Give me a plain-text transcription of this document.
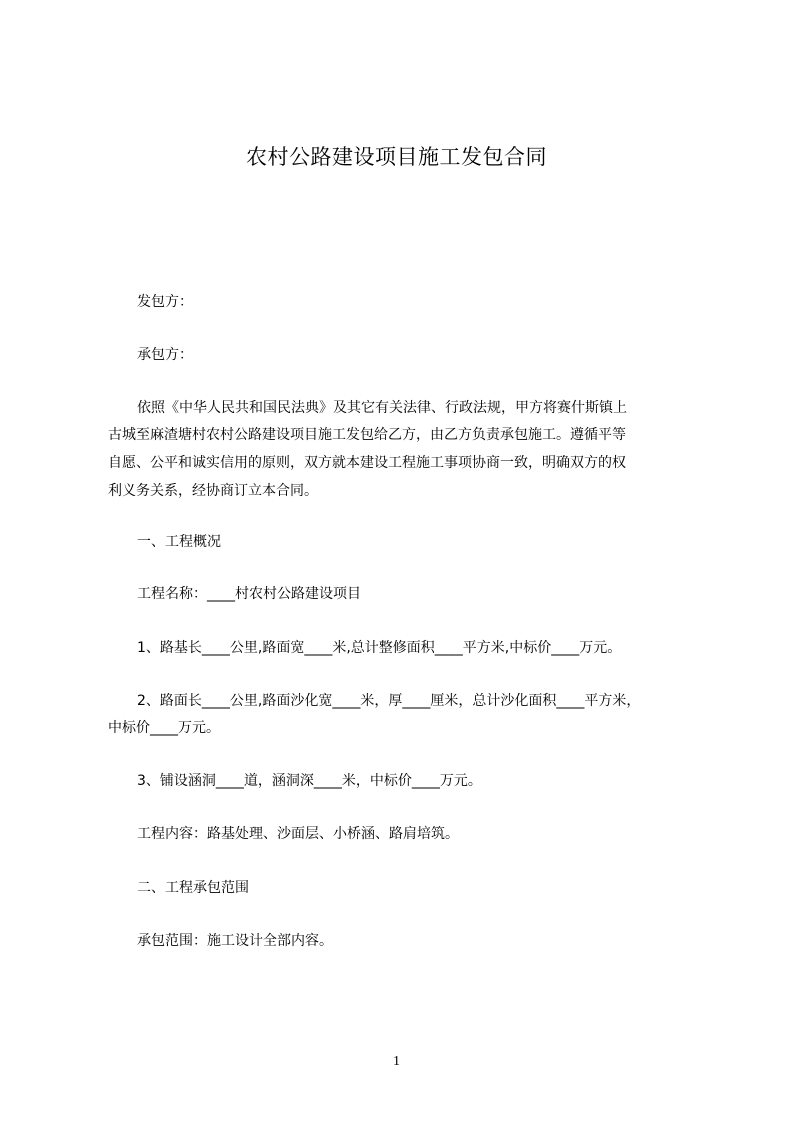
农村公路建设项目施工发包合同
发包方：
承包方：
依照《中华人民共和国民法典》及其它有关法律、行政法规，甲方将赛什斯镇上
古城至麻渣塘村农村公路建设项目施工发包给乙方，由乙方负责承包施工。遵循平等
自愿、公平和诚实信用的原则，双方就本建设工程施工事项协商一致，明确双方的权
利义务关系，经协商订立本合同。
一、工程概况
工程名称：____村农村公路建设项目
1、路基长____公里,路面宽____米,总计整修面积____平方米,中标价____万元。
2、路面长____公里,路面沙化宽____米，厚____厘米，总计沙化面积____平方米，
中标价____万元。
3、铺设涵洞____道，涵洞深____米，中标价____万元。
工程内容：路基处理、沙面层、小桥涵、路肩培筑。
二、工程承包范围
承包范围：施工设计全部内容。
1
